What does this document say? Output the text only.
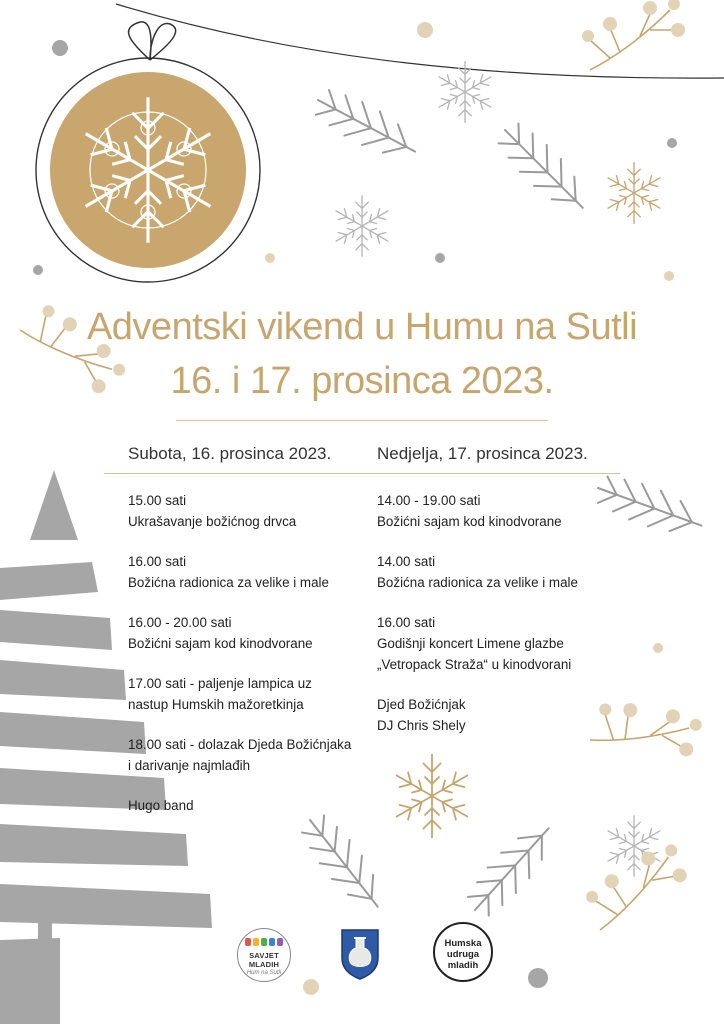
Adventski vikend u Humu na Sutli
16. i 17. prosinca 2023.
Subota, 16. prosinca 2023.	Nedjelja, 17. prosinca 2023.
15.00 sati
Ukrašavanje božićnog drvca
16.00 sati
Božićna radionica za velike i male
16.00 - 20.00 sati
Božićni sajam kod kinodvorane
17.00 sati - paljenje lampica uz
nastup Humskih mažoretkinja
18.00 sati - dolazak Djeda Božićnjaka
i darivanje najmlađih
Hugo band
14.00 - 19.00 sati
Božićni sajam kod kinodvorane
14.00 sati
Božićna radionica za velike i male
16.00 sati
Godišnji koncert Limene glazbe
„Vetropack Straža“ u kinodvorani
Djed Božićnjak
DJ Chris Shely
SAVJET MLADIH
Hum na Sutli
Humska
udruga
mladih
